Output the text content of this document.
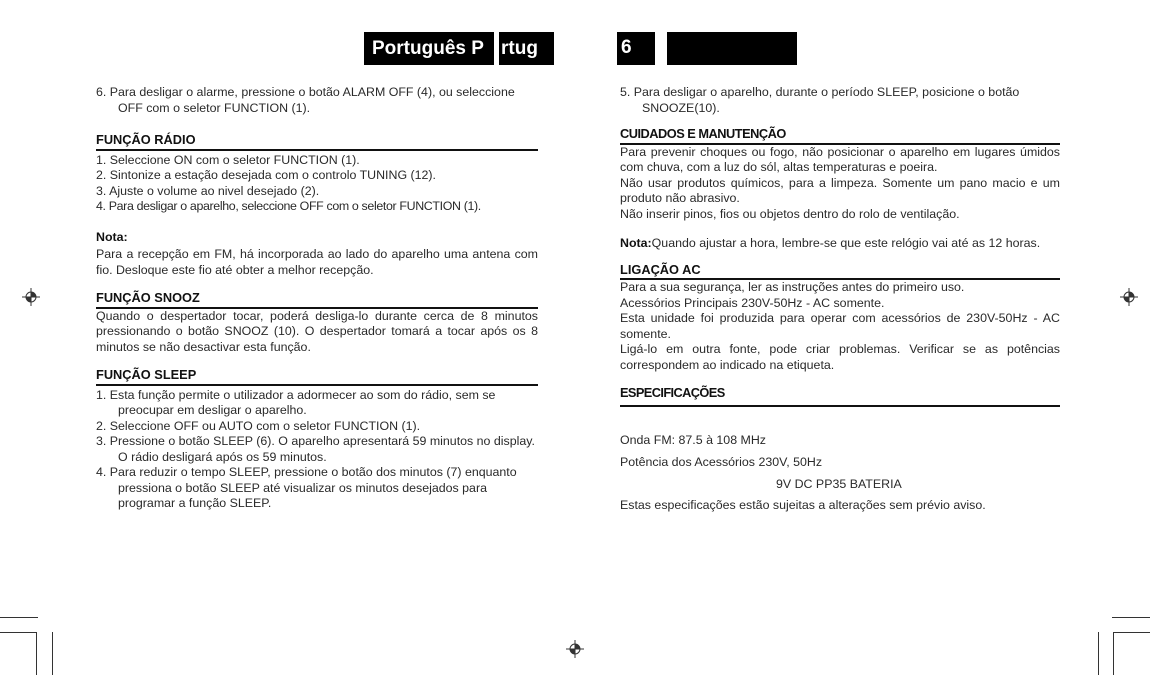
Português P rtug	6

6. Para desligar o alarme, pressione o botão ALARM OFF (4), ou seleccione OFF com o seletor FUNCTION (1).

FUNÇÃO RÁDIO

1. Seleccione ON com o seletor FUNCTION (1).

2. Sintonize a estação desejada com o controlo TUNING (12).

3. Ajuste o volume ao nivel desejado (2).

4. Para desligar o aparelho, seleccione OFF com o seletor FUNCTION (1).

Nota:

Para a recepção em FM, há incorporada ao lado do aparelho uma antena com fio. Desloque este fio até obter a melhor recepção.

FUNÇÃO SNOOZ

Quando o despertador tocar, poderá desliga-lo durante cerca de 8 minutos pressionando o botão SNOOZ (10). O despertador tomará a tocar após os 8 minutos se não desactivar esta função.

FUNÇÃO SLEEP

1. Esta função permite o utilizador a adormecer ao som do rádio, sem se preocupar em desligar o aparelho.

2. Seleccione OFF ou AUTO com o seletor FUNCTION (1).

3. Pressione o botão SLEEP (6). O aparelho apresentará 59 minutos no display. O rádio desligará após os 59 minutos.

4. Para reduzir o tempo SLEEP, pressione o botão dos minutos (7) enquanto pressiona o botão SLEEP até visualizar os minutos desejados para programar a função SLEEP.

5. Para desligar o aparelho, durante o período SLEEP, posicione o botão SNOOZE(10).

CUIDADOS E MANUTENÇÃO

Para prevenir choques ou fogo, não posicionar o aparelho em lugares úmidos com chuva, com a luz do sól, altas temperaturas e poeira.

Não usar produtos químicos, para a limpeza. Somente um pano macio e um produto não abrasivo.

Não inserir pinos, fios ou objetos dentro do rolo de ventilação.

Nota:Quando ajustar a hora, lembre-se que este relógio vai até as 12 horas.

LIGAÇÃO AC

Para a sua segurança, ler as instruções antes do primeiro uso.

Acessórios Principais 230V-50Hz - AC somente.

Esta unidade foi produzida para operar com acessórios de 230V-50Hz - AC somente.

Ligá-lo em outra fonte, pode criar problemas. Verificar se as potências correspondem ao indicado na etiqueta.

ESPECIFICAÇÕES

Onda FM: 87.5 à 108 MHz

Potência dos Acessórios 230V, 50Hz

9V DC PP35 BATERIA

Estas especificações estão sujeitas a alterações sem prévio aviso.
